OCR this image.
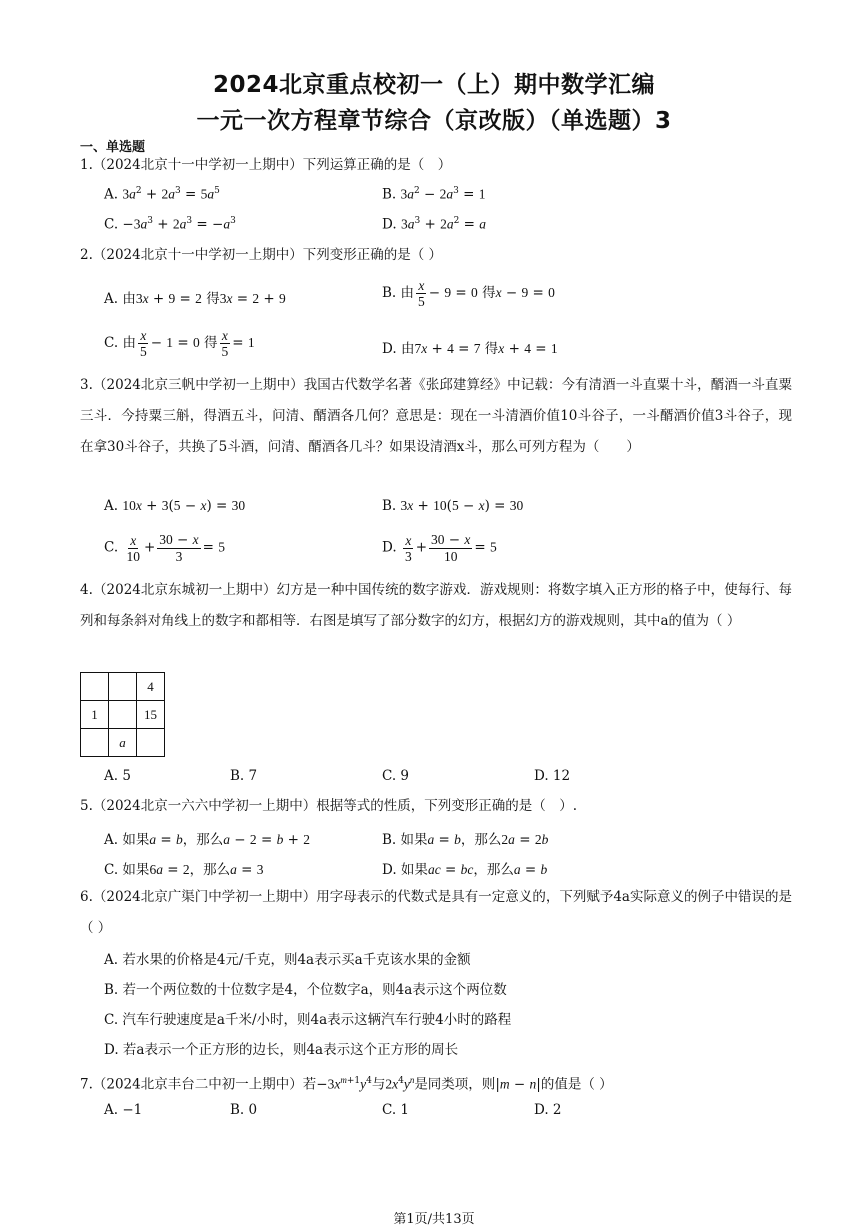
2024北京重点校初一（上）期中数学汇编
一元一次方程章节综合（京改版）（单选题）3
一、单选题
1.（2024北京十一中学初一上期中）下列运算正确的是（　）
A. $3a^2 + 2a^3 = 5a^5$	B. $3a^2 - 2a^3 = 1$
C. $-3a^3 + 2a^3 = -a^3$	D. $3a^3 + 2a^2 = a$
2.（2024北京十一中学初一上期中）下列变形正确的是（ ）
A. 由3x + 9 = 2 得3x = 2 + 9	B. 由 $\frac{x}{5} - 9 = 0$ 得x − 9 = 0
C. 由 $\frac{x}{5} - 1 = 0$ 得 $\frac{x}{5} = 1$	D. 由7x + 4 = 7 得x + 4 = 1
3.（2024北京三帆中学初一上期中）我国古代数学名著《张邱建算经》中记载：今有清酒一斗直粟十斗，醑酒一斗直粟三斗．今持粟三斛，得酒五斗，问清、醑酒各几何？意思是：现在一斗清酒价值10斗谷子，一斗醑酒价值3斗谷子，现在拿30斗谷子，共换了5斗酒，问清、醑酒各几斗？如果设清酒x斗，那么可列方程为（　　）
A. 10x + 3(5 − x) = 30	B. 3x + 10(5 − x) = 30
C. $\frac{x}{10} + \frac{30 - x}{3} = 5$	D. $\frac{x}{3} + \frac{30 - x}{10} = 5$
4.（2024北京东城初一上期中）幻方是一种中国传统的数字游戏．游戏规则：将数字填入正方形的格子中，使每行、每列和每条斜对角线上的数字和都相等．右图是填写了部分数字的幻方，根据幻方的游戏规则，其中a的值为（ ）
		4
1		15
	a	
A. 5	B. 7	C. 9	D. 12
5.（2024北京一六六中学初一上期中）根据等式的性质，下列变形正确的是（　）.
A. 如果a = b，那么a − 2 = b + 2	B. 如果a = b，那么2a = 2b
C. 如果6a = 2，那么a = 3	D. 如果ac = bc，那么a = b
6.（2024北京广渠门中学初一上期中）用字母表示的代数式是具有一定意义的，下列赋予4a实际意义的例子中错误的是（ ）
A. 若水果的价格是4元/千克，则4a表示买a千克该水果的金额
B. 若一个两位数的十位数字是4，个位数字a，则4a表示这个两位数
C. 汽车行驶速度是a千米/小时，则4a表示这辆汽车行驶4小时的路程
D. 若a表示一个正方形的边长，则4a表示这个正方形的周长
7.（2024北京丰台二中初一上期中）若$-3x^{m+1}y^4$与$2x^4y^n$是同类项，则|m − n|的值是（ ）
A. −1	B. 0	C. 1	D. 2
第1页/共13页
